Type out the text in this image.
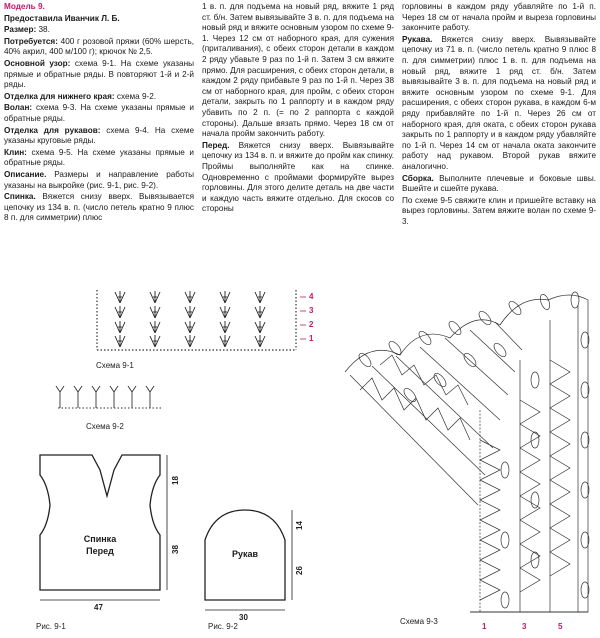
Модель 9.

Предоставила Иванчик Л. Б.

Размер: 38.

Потребуется: 400 г розовой пряжи (60% шерсть, 40% акрил, 400 м/100 г); крючок № 2,5.

Основной узор: схема 9-1. На схеме указаны прямые и обратные ряды. В повторяют 1-й и 2-й ряды.

Отделка для нижнего края: схема 9-2.

Волан: схема 9-3. На схеме указаны прямые и обратные ряды.

Отделка для рукавов: схема 9-4. На схеме указаны круговые ряды.

Клин: схема 9-5. На схеме указаны прямые и обратные ряды.

Описание. Размеры и направление работы указаны на выкройке (рис. 9-1, рис. 9-2).

Спинка. Вяжется снизу вверх. Вывязывается цепочку из 134 в. п. (число петель кратно 9 плюс 8 п. для симметрии) плюс

1 в. п. для подъема на новый ряд, вяжите 1 ряд ст. б/н. Затем вывязывайте 3 в. п. для подъема на новый ряд и вяжите основным узором по схеме 9-1. Через 12 см от наборного края, для сужения (приталивания), с обеих сторон детали в каждом 2 ряду убавьте 9 раз по 1-й п. Затем 3 см вяжите прямо. Для расширения, с обеих сторон детали, в каждом 2 ряду прибавьте 9 раз по 1-й п. Через 38 см от наборного края, для пройм, с обеих сторон детали, закрыть по 1 раппорту и в каждом ряду убавить по 2 п. (= по 2 раппорта с каждой стороны). Дальше вязать прямо. Через 18 см от начала пройм закончить работу.

Перед. Вяжется снизу вверх. Вывязывайте цепочку из 134 в. п. и вяжите до пройм как спинку. Проймы выполняйте как на спинке. Одновременно с проймами формируйте вырез горловины. Для этого делите деталь на две части и каждую часть вяжите отдельно. Для скосов со стороны

горловины в каждом ряду убавляйте по 1-й п. Через 18 см от начала пройм и выреза горловины закончите работу.

Рукава. Вяжется снизу вверх. Вывязывайте цепочку из 71 в. п. (число петель кратно 9 плюс 8 п. для симметрии) плюс 1 в. п. для подъема на новый ряд, вяжите 1 ряд ст. б/н. Затем вывязывайте 3 в. п. для подъема на новый ряд и вяжите основным узором по схеме 9-1. Для расширения, с обеих сторон рукава, в каждом 6-м ряду прибавляйте по 1-й п. Через 26 см от наборного края, для оката, с обеих сторон рукава закрыть по 1 раппорту и в каждом ряду убавляйте по 1-й п. Через 14 см от начала оката закончите работу над рукавом. Второй рукав вяжите аналогично.

Сборка. Выполните плечевые и боковые швы. Вшейте и сшейте рукава.

По схеме 9-5 свяжите клин и пришейте вставку на вырез горловины. Затем вяжите волан по схеме 9-3.

Схема 9-1
Схема 9-2
Схема 9-3
4
3
2
1
1	3	5
Спинка
Перед
47
18
38
Рис. 9-1
Рукав
30
14
26
Рис. 9-2
